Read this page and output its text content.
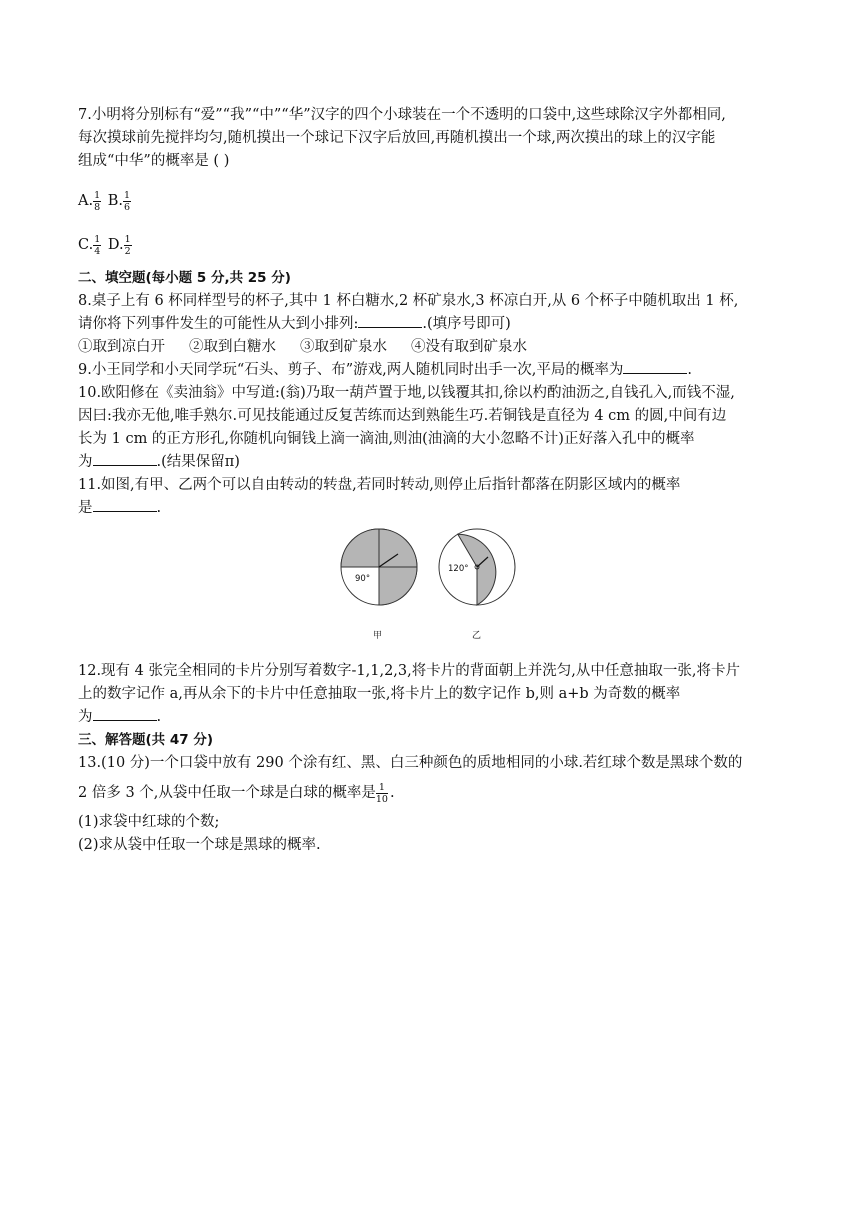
7.小明将分别标有“爱”“我”“中”“华”汉字的四个小球装在一个不透明的口袋中,这些球除汉字外都相同,
每次摸球前先搅拌均匀,随机摸出一个球记下汉字后放回,再随机摸出一个球,两次摸出的球上的汉字能
组成“中华”的概率是 ( )
A. $\frac{1}{8} B$. $\frac{1}{6}$
C. $\frac{1}{4} D$. $\frac{1}{2}$
二、填空题(每小题 5 分,共 25 分)
8.桌子上有 6 杯同样型号的杯子,其中 1 杯白糖水,2 杯矿泉水,3 杯凉白开,从 6 个杯子中随机取出 1 杯,
请你将下列事件发生的可能性从大到小排列:	.(填序号即可)
①取到凉白开 ②取到白糖水 ③取到矿泉水 ④没有取到矿泉水
9.小王同学和小天同学玩“石头、剪子、布”游戏,两人随机同时出手一次,平局的概率为	.
10.欧阳修在《卖油翁》中写道:(翁)乃取一葫芦置于地,以钱覆其扣,徐以杓酌油沥之,自钱孔入,而钱不湿,
因曰:我亦无他,唯手熟尔.可见技能通过反复苦练而达到熟能生巧.若铜钱是直径为 4 cm 的圆,中间有边
长为 1 cm 的正方形孔,你随机向铜钱上滴一滴油,则油(油滴的大小忽略不计)正好落入孔中的概率
为	.(结果保留π)
11.如图,有甲、乙两个可以自由转动的转盘,若同时转动,则停止后指针都落在阴影区域内的概率
是	.
90°
120°
甲	乙
12.现有 4 张完全相同的卡片分别写着数字-1,1,2,3,将卡片的背面朝上并洗匀,从中任意抽取一张,将卡片
上的数字记作 a,再从余下的卡片中任意抽取一张,将卡片上的数字记作 b,则 a+b 为奇数的概率
为	.
三、解答题(共 47 分)
13.(10 分)一个口袋中放有 290 个涂有红、黑、白三种颜色的质地相同的小球.若红球个数是黑球个数的
2 倍多 3 个,从袋中任取一个球是白球的概率是 $\frac{1}{10}$ .
(1)求袋中红球的个数;
(2)求从袋中任取一个球是黑球的概率.
